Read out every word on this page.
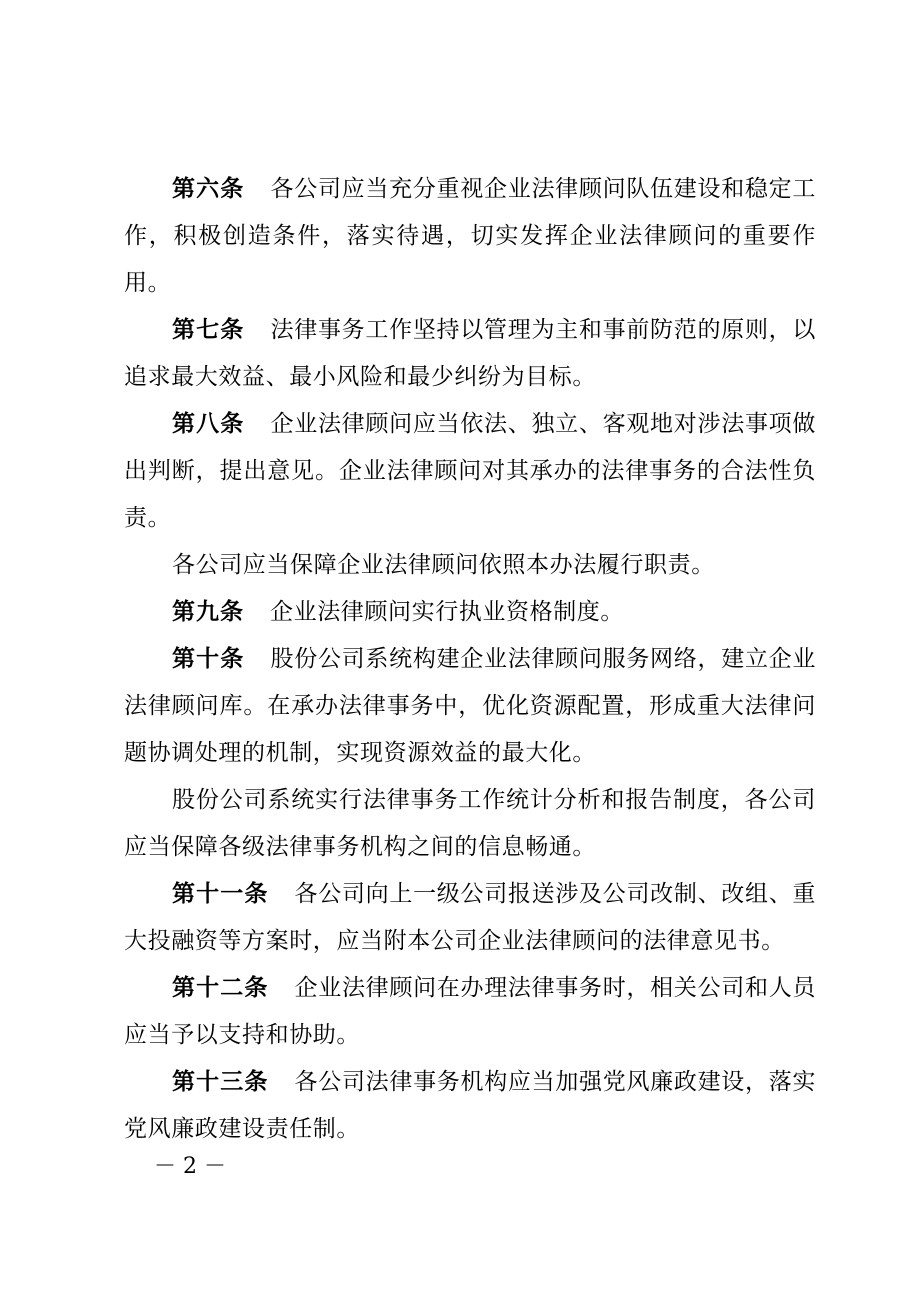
第六条 各公司应当充分重视企业法律顾问队伍建设和稳定工作，积极创造条件，落实待遇，切实发挥企业法律顾问的重要作用。

第七条 法律事务工作坚持以管理为主和事前防范的原则，以追求最大效益、最小风险和最少纠纷为目标。

第八条 企业法律顾问应当依法、独立、客观地对涉法事项做出判断，提出意见。企业法律顾问对其承办的法律事务的合法性负责。

各公司应当保障企业法律顾问依照本办法履行职责。

第九条 企业法律顾问实行执业资格制度。

第十条 股份公司系统构建企业法律顾问服务网络，建立企业法律顾问库。在承办法律事务中，优化资源配置，形成重大法律问题协调处理的机制，实现资源效益的最大化。

股份公司系统实行法律事务工作统计分析和报告制度，各公司应当保障各级法律事务机构之间的信息畅通。

第十一条 各公司向上一级公司报送涉及公司改制、改组、重大投融资等方案时，应当附本公司企业法律顾问的法律意见书。

第十二条 企业法律顾问在办理法律事务时，相关公司和人员应当予以支持和协助。

第十三条 各公司法律事务机构应当加强党风廉政建设，落实党风廉政建设责任制。

－ 2 －
